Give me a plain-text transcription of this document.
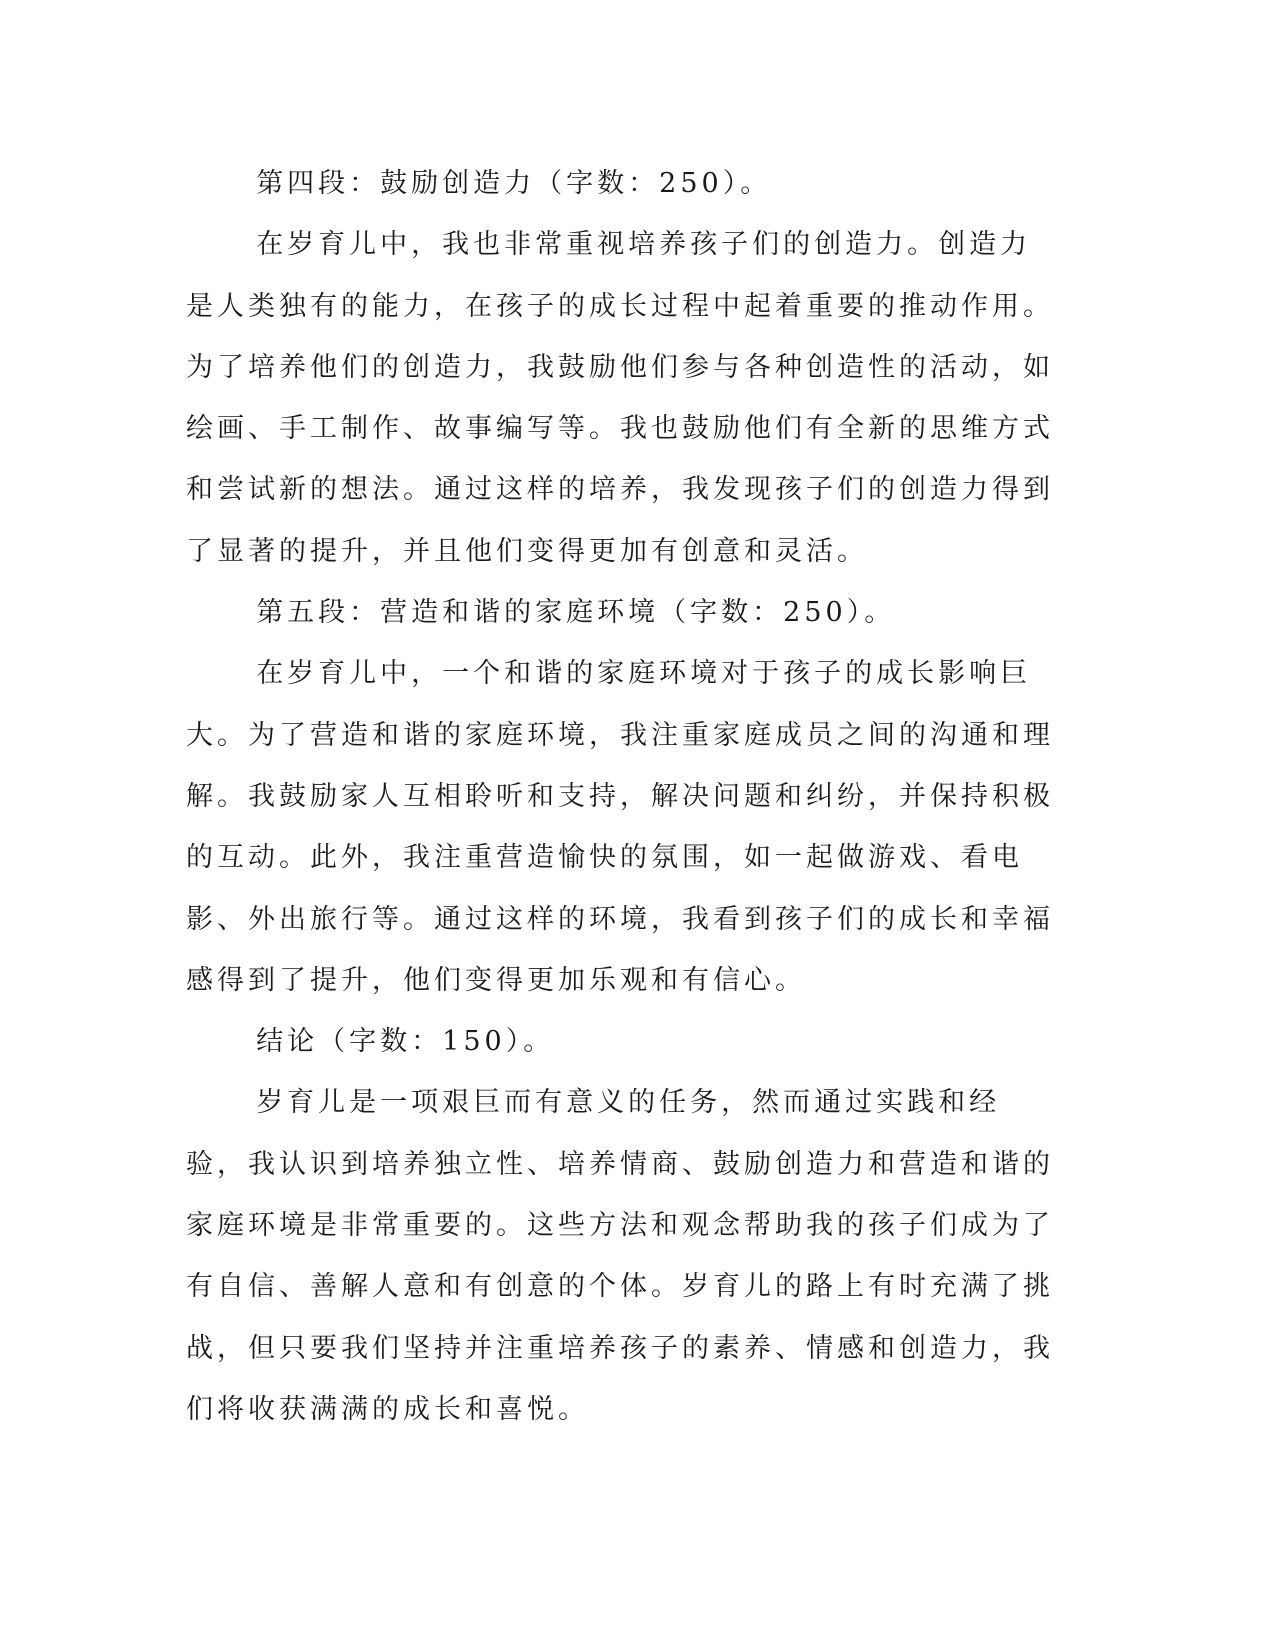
第四段：鼓励创造力（字数：250）。

在岁育儿中，我也非常重视培养孩子们的创造力。创造力是人类独有的能力，在孩子的成长过程中起着重要的推动作用。为了培养他们的创造力，我鼓励他们参与各种创造性的活动，如绘画、手工制作、故事编写等。我也鼓励他们有全新的思维方式和尝试新的想法。通过这样的培养，我发现孩子们的创造力得到了显著的提升，并且他们变得更加有创意和灵活。

第五段：营造和谐的家庭环境（字数：250）。

在岁育儿中，一个和谐的家庭环境对于孩子的成长影响巨大。为了营造和谐的家庭环境，我注重家庭成员之间的沟通和理解。我鼓励家人互相聆听和支持，解决问题和纠纷，并保持积极的互动。此外，我注重营造愉快的氛围，如一起做游戏、看电影、外出旅行等。通过这样的环境，我看到孩子们的成长和幸福感得到了提升，他们变得更加乐观和有信心。

结论（字数：150）。

岁育儿是一项艰巨而有意义的任务，然而通过实践和经验，我认识到培养独立性、培养情商、鼓励创造力和营造和谐的家庭环境是非常重要的。这些方法和观念帮助我的孩子们成为了有自信、善解人意和有创意的个体。岁育儿的路上有时充满了挑战，但只要我们坚持并注重培养孩子的素养、情感和创造力，我们将收获满满的成长和喜悦。
